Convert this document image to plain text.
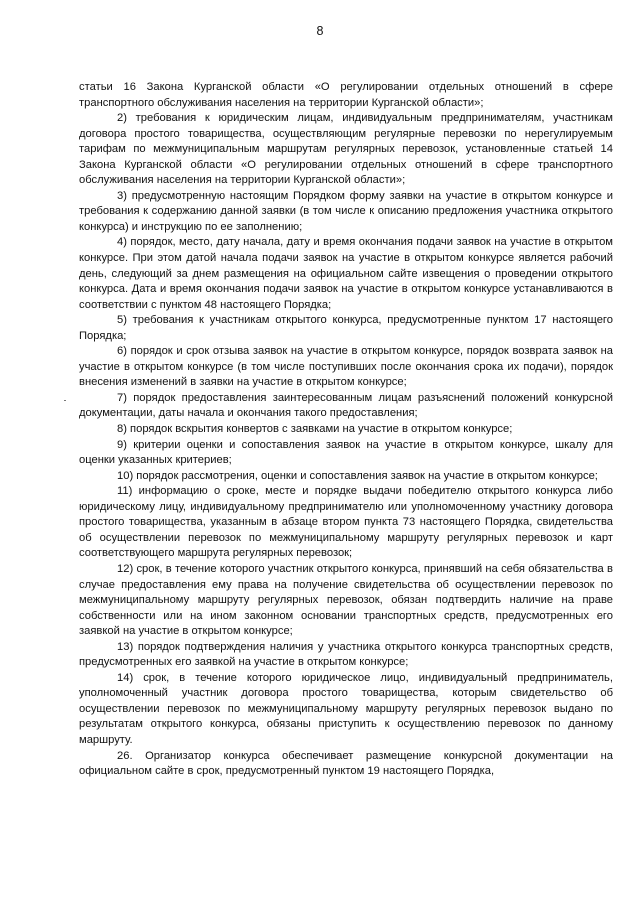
8

статьи 16 Закона Курганской области «О регулировании отдельных отношений в сфере транспортного обслуживания населения на территории Курганской области»;

2) требования к юридическим лицам, индивидуальным предпринимателям, участникам договора простого товарищества, осуществляющим регулярные перевозки по нерегулируемым тарифам по межмуниципальным маршрутам регулярных перевозок, установленные статьей 14 Закона Курганской области «О регулировании отдельных отношений в сфере транспортного обслуживания населения на территории Курганской области»;

3) предусмотренную настоящим Порядком форму заявки на участие в открытом конкурсе и требования к содержанию данной заявки (в том числе к описанию предложения участника открытого конкурса) и инструкцию по ее заполнению;

4) порядок, место, дату начала, дату и время окончания подачи заявок на участие в открытом конкурсе. При этом датой начала подачи заявок на участие в открытом конкурсе является рабочий день, следующий за днем размещения на официальном сайте извещения о проведении открытого конкурса. Дата и время окончания подачи заявок на участие в открытом конкурсе устанавливаются в соответствии с пунктом 48 настоящего Порядка;

5) требования к участникам открытого конкурса, предусмотренные пунктом 17 настоящего Порядка;

6) порядок и срок отзыва заявок на участие в открытом конкурсе, порядок возврата заявок на участие в открытом конкурсе (в том числе поступивших после окончания срока их подачи), порядок внесения изменений в заявки на участие в открытом конкурсе;

7) порядок предоставления заинтересованным лицам разъяснений положений конкурсной документации, даты начала и окончания такого предоставления;

8) порядок вскрытия конвертов с заявками на участие в открытом конкурсе;

9) критерии оценки и сопоставления заявок на участие в открытом конкурсе, шкалу для оценки указанных критериев;

10) порядок рассмотрения, оценки и сопоставления заявок на участие в открытом конкурсе;

11) информацию о сроке, месте и порядке выдачи победителю открытого конкурса либо юридическому лицу, индивидуальному предпринимателю или уполномоченному участнику договора простого товарищества, указанным в абзаце втором пункта 73 настоящего Порядка, свидетельства об осуществлении перевозок по межмуниципальному маршруту регулярных перевозок и карт соответствующего маршрута регулярных перевозок;

12) срок, в течение которого участник открытого конкурса, принявший на себя обязательства в случае предоставления ему права на получение свидетельства об осуществлении перевозок по межмуниципальному маршруту регулярных перевозок, обязан подтвердить наличие на праве собственности или на ином законном основании транспортных средств, предусмотренных его заявкой на участие в открытом конкурсе;

13) порядок подтверждения наличия у участника открытого конкурса транспортных средств, предусмотренных его заявкой на участие в открытом конкурсе;

14) срок, в течение которого юридическое лицо, индивидуальный предприниматель, уполномоченный участник договора простого товарищества, которым свидетельство об осуществлении перевозок по межмуниципальному маршруту регулярных перевозок выдано по результатам открытого конкурса, обязаны приступить к осуществлению перевозок по данному маршруту.

26. Организатор конкурса обеспечивает размещение конкурсной документации на официальном сайте в срок, предусмотренный пунктом 19 настоящего Порядка,
